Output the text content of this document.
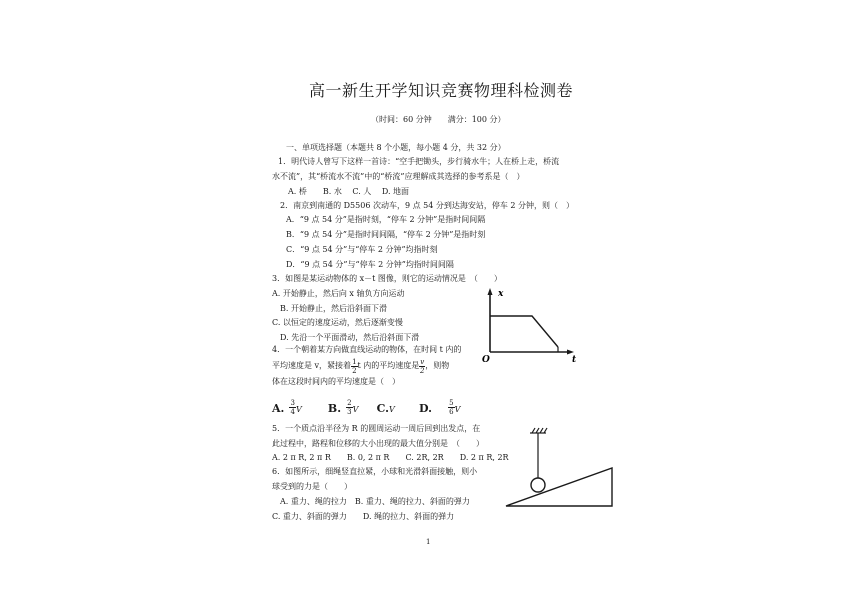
高一新生开学知识竞赛物理科检测卷
（时间：60 分钟　　满分：100 分）
一、单项选择题（本题共 8 个小题，每小题 4 分，共 32 分）
1．明代诗人曾写下这样一首诗：“空手把锄头，步行骑水牛；人在桥上走，桥流
水不流”，其“桥流水不流”中的“桥流”应理解成其选择的参考系是（　）
A. 桥　　B. 水　 C. 人　 D. 地面
2．南京到南通的 D5506 次动车，9 点 54 分到达海安站，停车 2 分钟，则（　）
A．“9 点 54 分”是指时刻，“停车 2 分钟”是指时间间隔
B．“9 点 54 分”是指时间间隔，“停车 2 分钟”是指时刻
C．“9 点 54 分”与“停车 2 分钟”均指时刻
D．“9 点 54 分”与“停车 2 分钟”均指时间间隔
3．如图是某运动物体的 x－t 图像，则它的运动情况是　（　　）
A. 开始静止，然后向 x 轴负方向运动
B. 开始静止，然后沿斜面下滑
C. 以恒定的速度运动，然后逐渐变慢
D. 先沿一个平面滑动，然后沿斜面下滑
x
t
O
4．一个朝着某方向做直线运动的物体，在时间 t 内的
平均速度是 v，紧接着 $\frac{1}{2}$ t 内的平均速度是 $\frac{v}{2}$ ，则物
体在这段时间内的平均速度是（　）
A. $\frac{3}{4}$ V B. $\frac{2}{3}$ V C.V D. $\frac{5}{6}$ V
5．一个质点沿半径为 R 的圆周运动一周后回到出发点，在
此过程中，路程和位移的大小出现的最大值分别是　（　　）
A. 2 π R, 2 π R　　B. 0, 2 π R　　C. 2R, 2R　　D. 2 π R, 2R
6．如图所示，细绳竖直拉紧，小球和光滑斜面接触，则小
球受到的力是（　　）
A. 重力、绳的拉力　B. 重力、绳的拉力、斜面的弹力
C. 重力、斜面的弹力　　D. 绳的拉力、斜面的弹力
1
